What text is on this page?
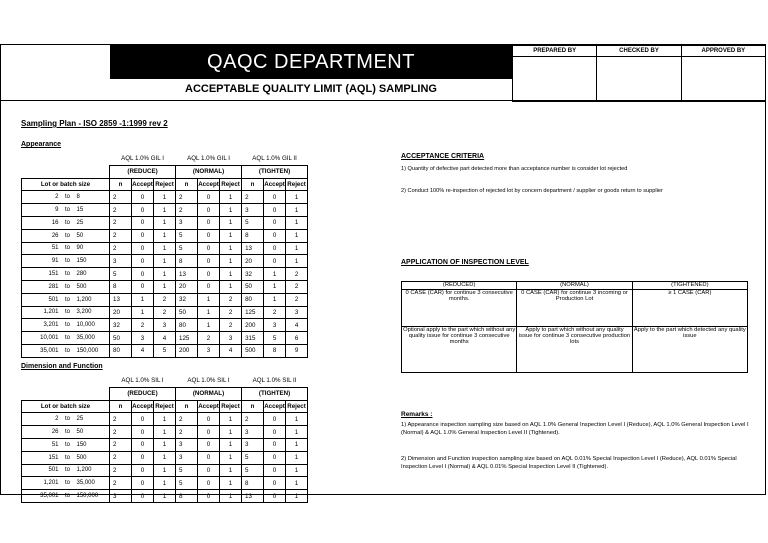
QAQC DEPARTMENT
ACCEPTABLE QUALITY LIMIT (AQL) SAMPLING
PREPARED BY	CHECKED BY	APPROVED BY

Sampling Plan - ISO 2859 -1:1999 rev 2
Appearance
	AQL 1.0% GIL I			AQL 1.0% GIL I			AQL 1.0% GIL II		
	(REDUCE)			(NORMAL)			(TIGHTEN)		
Lot or batch size	n	Accept	Reject	n	Accept	Reject	n	Accept	Reject
2 to 8	2	0	1	2	0	1	2	0	1
9 to 15	2	0	1	2	0	1	3	0	1
16 to 25	2	0	1	3	0	1	5	0	1
26 to 50	2	0	1	5	0	1	8	0	1
51 to 90	2	0	1	5	0	1	13	0	1
91 to 150	3	0	1	8	0	1	20	0	1
151 to 280	5	0	1	13	0	1	32	1	2
281 to 500	8	0	1	20	0	1	50	1	2
501 to 1,200	13	1	2	32	1	2	80	1	2
1,201 to 3,200	20	1	2	50	1	2	125	2	3
3,201 to 10,000	32	2	3	80	1	2	200	3	4
10,001 to 35,000	50	3	4	125	2	3	315	5	6
35,001 to 150,000	80	4	5	200	3	4	500	8	9
Dimension and Function
	AQL 1.0% SIL I			AQL 1.0% SIL I			AQL 1.0% SIL II		
	(REDUCE)			(NORMAL)			(TIGHTEN)		
Lot or batch size	n	Accept	Reject	n	Accept	Reject	n	Accept	Reject
2 to 25	2	0	1	2	0	1	2	0	1
26 to 50	2	0	1	2	0	1	3	0	1
51 to 150	2	0	1	3	0	1	3	0	1
151 to 500	2	0	1	3	0	1	5	0	1
501 to 1,200	2	0	1	5	0	1	5	0	1
1,201 to 35,000	2	0	1	5	0	1	8	0	1
35,001 to 150,000	3	0	1	8	0	1	13	0	1
ACCEPTANCE CRITERIA
1) Quantity of defective part detected more than acceptance number is consider lot rejected
2) Conduct 100% re-inspection of rejected lot by concern department / supplier or goods return to supplier
APPLICATION OF INSPECTION LEVEL
(REDUCED)	(NORMAL)	(TIGHTENED)
0 CASE (CAR) for continue 3 consecutive months.	0 CASE (CAR) for continue 3 incoming or Production Lot	≥ 1 CASE (CAR)
Optional apply to the part which without any quality issue for continue 3 consecutive months	Apply to part which without any quality issue for continue 3 consecutive production lots	Apply to the part which detected any quality issue
Remarks :
1) Appearance inspection sampling size based on AQL 1.0% General Inspection Level I (Reduce), AQL 1.0% General Inspection Level I (Normal) & AQL 1.0% General Inspection Level II (Tightened).
2) Dimension and Function inspection sampling size based on AQL 0.01% Special Inspection Level I (Reduce), AQL 0.01% Special Inspection Level I (Normal) & AQL 0.01% Special Inspection Level II (Tightened).
